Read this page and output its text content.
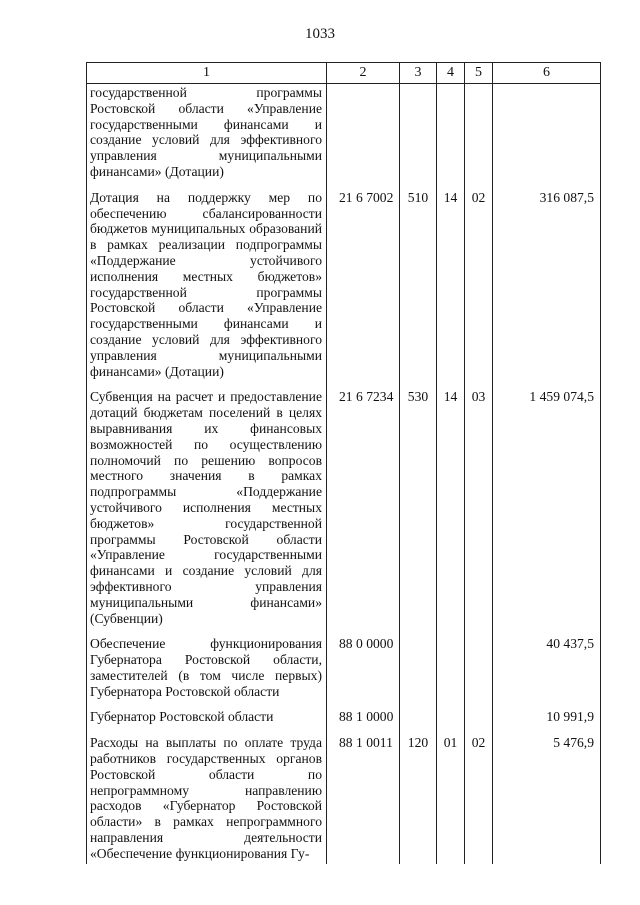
1033
1	2	3	4	5	6
государственной программы Ростовской области «Управление государственными финансами и создание условий для эффективного управления муниципальными финансами» (Дотации)					
Дотация на поддержку мер по обеспечению сбалансированности бюджетов муниципальных образований в рамках реализации подпрограммы «Поддержание устойчивого исполнения местных бюджетов» государственной программы Ростовской области «Управление государственными финансами и создание условий для эффективного управления муниципальными финансами» (Дотации)	21 6 7002	510	14	02	316 087,5
Субвенция на расчет и предоставление дотаций бюджетам поселений в целях выравнивания их финансовых возможностей по осуществлению полномочий по решению вопросов местного значения в рамках подпрограммы «Поддержание устойчивого исполнения местных бюджетов» государственной программы Ростовской области «Управление государственными финансами и создание условий для эффективного управления муниципальными финансами» (Субвенции)	21 6 7234	530	14	03	1 459 074,5
Обеспечение функционирования Губернатора Ростовской области, заместителей (в том числе первых) Губернатора Ростовской области	88 0 0000				40 437,5
Губернатор Ростовской области	88 1 0000				10 991,9
Расходы на выплаты по оплате труда работников государственных органов Ростовской области по непрограммному направлению расходов «Губернатор Ростовской области» в рамках непрограммного направления деятельности «Обеспечение функционирования Гу-	88 1 0011	120	01	02	5 476,9
